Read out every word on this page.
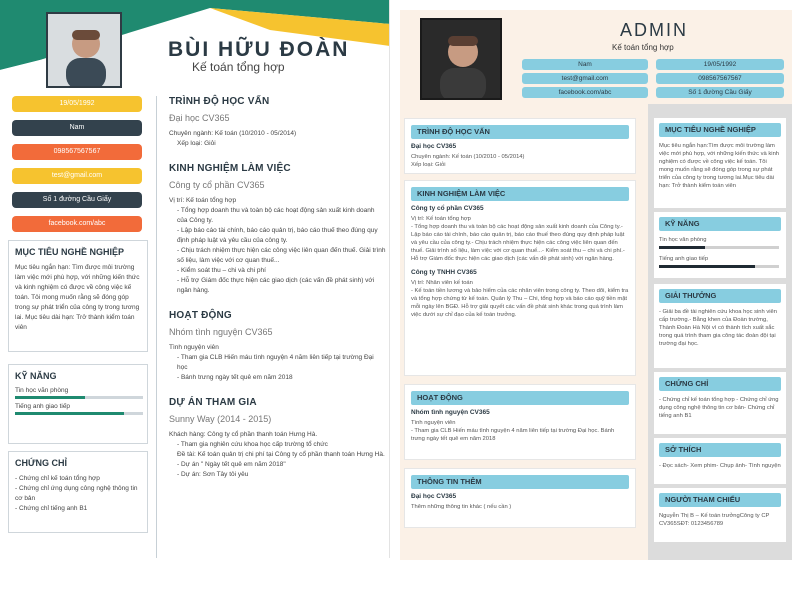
BÙI HỮU ĐOÀN
Kế toán tổng hợp
19/05/1992
Nam
098567567567
test@gmail.com
Số 1 đường Cầu Giấy
facebook.com/abc
MỤC TIÊU NGHỀ NGHIỆP

Mục tiêu ngắn hạn: Tìm được môi trường làm việc mới phù hợp, với những kiến thức và kinh nghiệm có được về công việc kế toán. Tôi mong muốn rằng sẽ đóng góp trong sự phát triển của công ty trong tương lai. Mục tiêu dài hạn: Trở thành kiểm toán viên

KỸ NĂNG
Tin học văn phòng
Tiếng anh giao tiếp
CHỨNG CHỈ

- Chứng chỉ kế toán tổng hợp

- Chứng chỉ ứng dụng công nghệ thông tin cơ bản

- Chứng chỉ tiếng anh B1

TRÌNH ĐỘ HỌC VẤN
Đại học CV365
Chuyên ngành: Kế toán (10/2010 - 05/2014)
Xếp loại: Giỏi
KINH NGHIỆM LÀM VIỆC
Công ty cổ phần CV365
Vị trí: Kế toán tổng hợp
- Tổng hợp doanh thu và toàn bộ các hoạt động sản xuất kinh doanh của Công ty.
- Lập báo cáo tài chính, báo cáo quản trị, báo cáo thuế theo đúng quy định pháp luật và yêu cầu của công ty.
- Chịu trách nhiệm thực hiện các công việc liên quan đến thuế. Giải trình số liệu, làm việc với cơ quan thuế...
- Kiểm soát thu – chi và chi phí
- Hỗ trợ Giám đốc thực hiện các giao dịch (các vấn đề phát sinh) với ngân hàng.
HOẠT ĐỘNG
Nhóm tình nguyện CV365
Tình nguyện viên
- Tham gia CLB Hiến máu tình nguyện 4 năm liên tiếp tại trường Đại học
- Bánh trưng ngày tết quê em năm 2018
DỰ ÁN THAM GIA
Sunny Way (2014 - 2015)
Khách hàng: Công ty cổ phần thanh toán Hưng Hà.
- Tham gia nghiên cứu khoa học cấp trường tổ chức
Đề tài: Kế toán quản trị chi phí tại Công ty cổ phần thanh toán Hưng Hà.
- Dự án " Ngày tết quê em năm 2018"
- Dự án: Sơn Tây tôi yêu
ADMIN
Kế toán tổng hợp
Nam	19/05/1992
test@gmail.com	098567567567
facebook.com/abc	Số 1 đường Cầu Giấy
TRÌNH ĐỘ HỌC VẤN
Đại học CV365
Chuyên ngành: Kế toán (10/2010 - 05/2014)
Xếp loại: Giỏi
KINH NGHIỆM LÀM VIỆC
Công ty cổ phần CV365
Vị trí: Kế toán tổng hợp
- Tổng hợp doanh thu và toàn bộ các hoạt động sản xuất kinh doanh của Công ty.- Lập báo cáo tài chính, báo cáo quản trị, báo cáo thuế theo đúng quy định pháp luật và yêu cầu của công ty.- Chịu trách nhiệm thực hiện các công việc liên quan đến thuế. Giải trình số liệu, làm việc với cơ quan thuế...- Kiểm soát thu – chi và chi phí.- Hỗ trợ Giám đốc thực hiện các giao dịch (các vấn đề phát sinh) với ngân hàng.
Công ty TNHH CV365
Vị trí: Nhân viên kế toán
- Kế toán tiền lương và bảo hiểm của các nhân viên trong công ty. Theo dõi, kiểm tra và tổng hợp chứng từ kế toán. Quản lý Thu – Chi, tổng hợp và báo cáo quỹ tiền mặt mỗi ngày lên BGĐ. Hỗ trợ giải quyết các vấn đề phát sinh khác trong quá trình làm việc dưới sự chỉ đạo của kế toán trưởng.
HOẠT ĐỘNG
Nhóm tình nguyện CV365
Tình nguyện viên
- Tham gia CLB Hiến máu tình nguyện 4 năm liên tiếp tại trường Đại học. Bánh trưng ngày tết quê em năm 2018
THÔNG TIN THÊM
Đại học CV365
Thêm những thông tin khác ( nếu cần )
MỤC TIÊU NGHỀ NGHIỆP
Mục tiêu ngắn hạn:Tìm được môi trường làm việc mới phù hợp, với những kiến thức và kinh nghiệm có được về công việc kế toán. Tôi mong muốn rằng sẽ đóng góp trong sự phát triển của công ty trong tương lai.Mục tiêu dài hạn: Trở thành kiểm toán viên
KỸ NĂNG
Tin học văn phòng
Tiếng anh giao tiếp
GIẢI THƯỞNG
- Giải ba đề tài nghiên cứu khoa học sinh viên cấp trường.- Bằng khen của Đoàn trường, Thành Đoàn Hà Nội vì có thành tích xuất sắc trong quá trình tham gia công tác đoàn đội tại trường đại học.
CHỨNG CHỈ
- Chứng chỉ kế toán tổng hợp - Chứng chỉ ứng dụng công nghệ thông tin cơ bản- Chứng chỉ tiếng anh B1
SỞ THÍCH
- Đọc sách- Xem phim- Chụp ảnh- Tình nguyện
NGƯỜI THAM CHIẾU
Nguyễn Thị B – Kế toán trưởngCông ty CP CV365SĐT: 0123456789
